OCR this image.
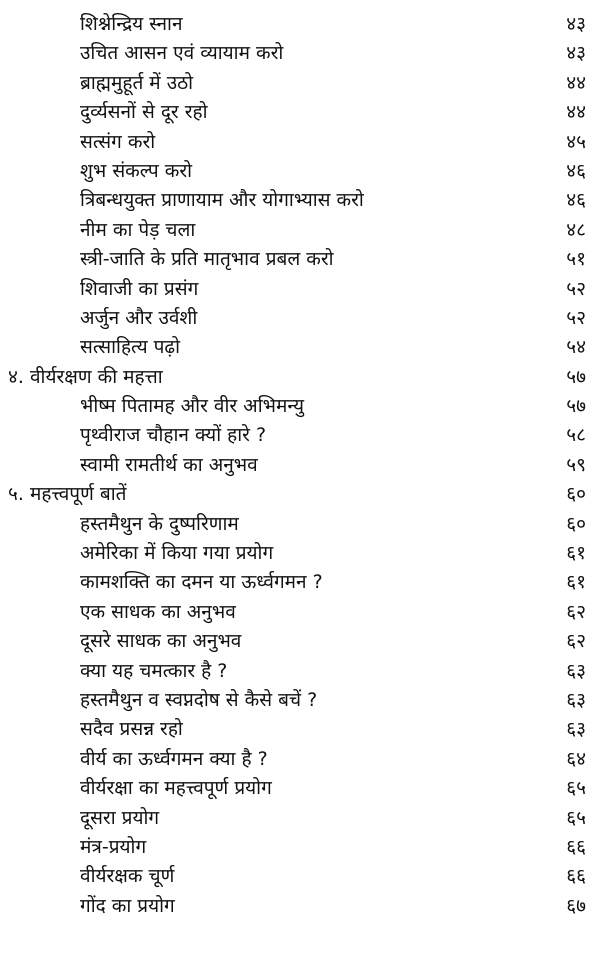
शिश्नेन्द्रिय स्नान	४३
उचित आसन एवं व्यायाम करो	४३
ब्राह्ममुहूर्त में उठो	४४
दुर्व्यसनों से दूर रहो	४४
सत्संग करो	४५
शुभ संकल्प करो	४६
त्रिबन्धयुक्त प्राणायाम और योगाभ्यास करो	४६
नीम का पेड़ चला	४८
स्त्री-जाति के प्रति मातृभाव प्रबल करो	५१
शिवाजी का प्रसंग	५२
अर्जुन और उर्वशी	५२
सत्साहित्य पढ़ो	५४
४. वीर्यरक्षण की महत्ता	५७
भीष्म पितामह और वीर अभिमन्यु	५७
पृथ्वीराज चौहान क्यों हारे ?	५८
स्वामी रामतीर्थ का अनुभव	५९
५. महत्त्वपूर्ण बातें	६०
हस्तमैथुन के दुष्परिणाम	६०
अमेरिका में किया गया प्रयोग	६१
कामशक्ति का दमन या ऊर्ध्वगमन ?	६१
एक साधक का अनुभव	६२
दूसरे साधक का अनुभव	६२
क्या यह चमत्कार है ?	६३
हस्तमैथुन व स्वप्नदोष से कैसे बचें ?	६३
सदैव प्रसन्न रहो	६३
वीर्य का ऊर्ध्वगमन क्या है ?	६४
वीर्यरक्षा का महत्त्वपूर्ण प्रयोग	६५
दूसरा प्रयोग	६५
मंत्र-प्रयोग	६६
वीर्यरक्षक चूर्ण	६६
गोंद का प्रयोग	६७
